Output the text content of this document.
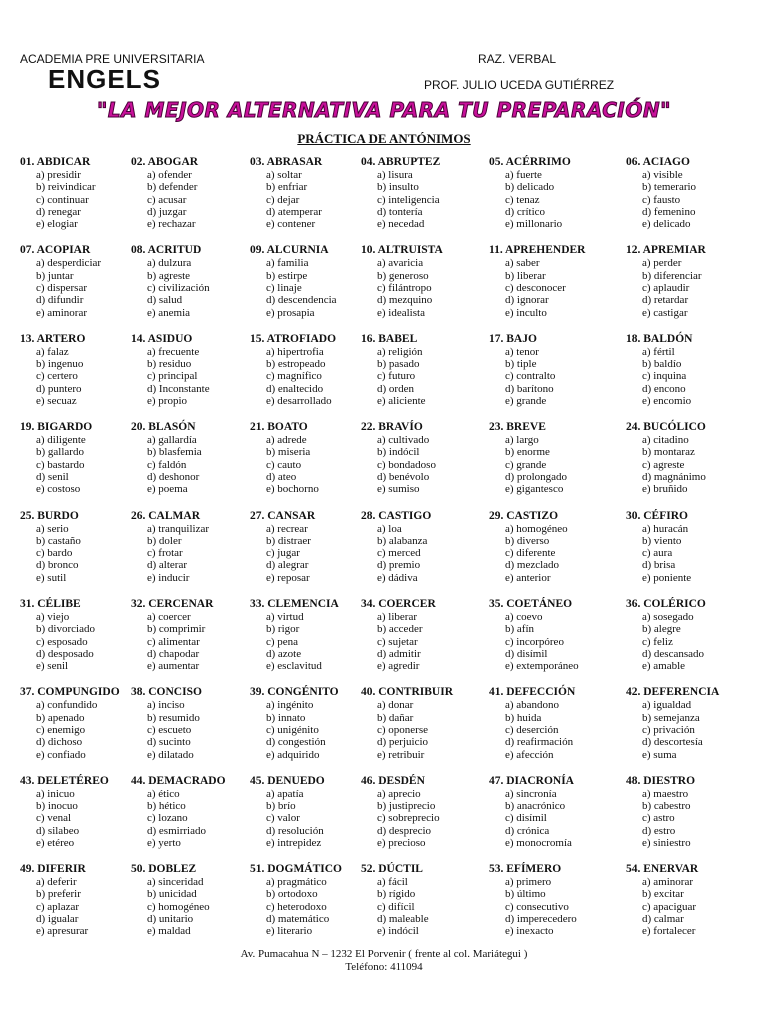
ACADEMIA PRE UNIVERSITARIA
ENGELS
RAZ. VERBAL
PROF. JULIO UCEDA GUTIÉRREZ
"LA MEJOR ALTERNATIVA PARA TU PREPARACIÓN"
PRÁCTICA DE ANTÓNIMOS
01. ABDICAR
a) presidir
b) reivindicar
c) continuar
d) renegar
e) elogiar
02. ABOGAR
a) ofender
b) defender
c) acusar
d) juzgar
e) rechazar
03. ABRASAR
a) soltar
b) enfriar
c) dejar
d) atemperar
e) contener
04. ABRUPTEZ
a) lisura
b) insulto
c) inteligencia
d) tontería
e) necedad
05. ACÉRRIMO
a) fuerte
b) delicado
c) tenaz
d) crítico
e) millonario
06. ACIAGO
a) visible
b) temerario
c) fausto
d) femenino
e) delicado
07. ACOPIAR
a) desperdiciar
b) juntar
c) dispersar
d) difundir
e) aminorar
08. ACRITUD
a) dulzura
b) agreste
c) civilización
d) salud
e) anemia
09. ALCURNIA
a) familia
b) estirpe
c) linaje
d) descendencia
e) prosapia
10. ALTRUISTA
a) avaricia
b) generoso
c) filántropo
d) mezquino
e) idealista
11. APREHENDER
a) saber
b) liberar
c) desconocer
d) ignorar
e) inculto
12. APREMIAR
a) perder
b) diferenciar
c) aplaudir
d) retardar
e) castigar
13. ARTERO
a) falaz
b) ingenuo
c) certero
d) puntero
e) secuaz
14. ASIDUO
a) frecuente
b) residuo
c) principal
d) Inconstante
e) propio
15. ATROFIADO
a) hipertrofia
b) estropeado
c) magnífico
d) enaltecido
e) desarrollado
16. BABEL
a) religión
b) pasado
c) futuro
d) orden
e) aliciente
17. BAJO
a) tenor
b) tiple
c) contralto
d) barítono
e) grande
18. BALDÓN
a) fértil
b) baldío
c) inquina
d) encono
e) encomio
19. BIGARDO
a) diligente
b) gallardo
c) bastardo
d) senil
e) costoso
20. BLASÓN
a) gallardía
b) blasfemia
c) faldón
d) deshonor
e) poema
21. BOATO
a) adrede
b) miseria
c) cauto
d) ateo
e) bochorno
22. BRAVÍO
a) cultivado
b) indócil
c) bondadoso
d) benévolo
e) sumiso
23. BREVE
a) largo
b) enorme
c) grande
d) prolongado
e) gigantesco
24. BUCÓLICO
a) citadino
b) montaraz
c) agreste
d) magnánimo
e) bruñido
25. BURDO
a) serio
b) castaño
c) bardo
d) bronco
e) sutil
26. CALMAR
a) tranquilizar
b) doler
c) frotar
d) alterar
e) inducir
27. CANSAR
a) recrear
b) distraer
c) jugar
d) alegrar
e) reposar
28. CASTIGO
a) loa
b) alabanza
c) merced
d) premio
e) dádiva
29. CASTIZO
a) homogéneo
b) diverso
c) diferente
d) mezclado
e) anterior
30. CÉFIRO
a) huracán
b) viento
c) aura
d) brisa
e) poniente
31. CÉLIBE
a) viejo
b) divorciado
c) esposado
d) desposado
e) senil
32. CERCENAR
a) coercer
b) comprimir
c) alimentar
d) chapodar
e) aumentar
33. CLEMENCIA
a) virtud
b) rigor
c) pena
d) azote
e) esclavitud
34. COERCER
a) liberar
b) acceder
c) sujetar
d) admitir
e) agredir
35. COETÁNEO
a) coevo
b) afín
c) incorpóreo
d) disímil
e) extemporáneo
36. COLÉRICO
a) sosegado
b) alegre
c) feliz
d) descansado
e) amable
37. COMPUNGIDO
a) confundido
b) apenado
c) enemigo
d) dichoso
e) confiado
38. CONCISO
a) inciso
b) resumido
c) escueto
d) sucinto
e) dilatado
39. CONGÉNITO
a) ingénito
b) innato
c) unigénito
d) congestión
e) adquirido
40. CONTRIBUIR
a) donar
b) dañar
c) oponerse
d) perjuicio
e) retribuir
41. DEFECCIÓN
a) abandono
b) huida
c) deserción
d) reafirmación
e) afección
42. DEFERENCIA
a) igualdad
b) semejanza
c) privación
d) descortesía
e) suma
43. DELETÉREO
a) inicuo
b) inocuo
c) venal
d) silabeo
e) etéreo
44. DEMACRADO
a) ético
b) hético
c) lozano
d) esmirriado
e) yerto
45. DENUEDO
a) apatía
b) brío
c) valor
d) resolución
e) intrepidez
46. DESDÉN
a) aprecio
b) justiprecio
c) sobreprecio
d) desprecio
e) precioso
47. DIACRONÍA
a) sincronía
b) anacrónico
c) disímil
d) crónica
e) monocromía
48. DIESTRO
a) maestro
b) cabestro
c) astro
d) estro
e) siniestro
49. DIFERIR
a) deferir
b) preferir
c) aplazar
d) igualar
e) apresurar
50. DOBLEZ
a) sinceridad
b) unicidad
c) homogéneo
d) unitario
e) maldad
51. DOGMÁTICO
a) pragmático
b) ortodoxo
c) heterodoxo
d) matemático
e) literario
52. DÚCTIL
a) fácil
b) rígido
c) difícil
d) maleable
e) indócil
53. EFÍMERO
a) primero
b) último
c) consecutivo
d) imperecedero
e) inexacto
54. ENERVAR
a) aminorar
b) excitar
c) apaciguar
d) calmar
e) fortalecer
Av. Pumacahua N – 1232 El Porvenir ( frente al col. Mariátegui )
Teléfono: 411094
